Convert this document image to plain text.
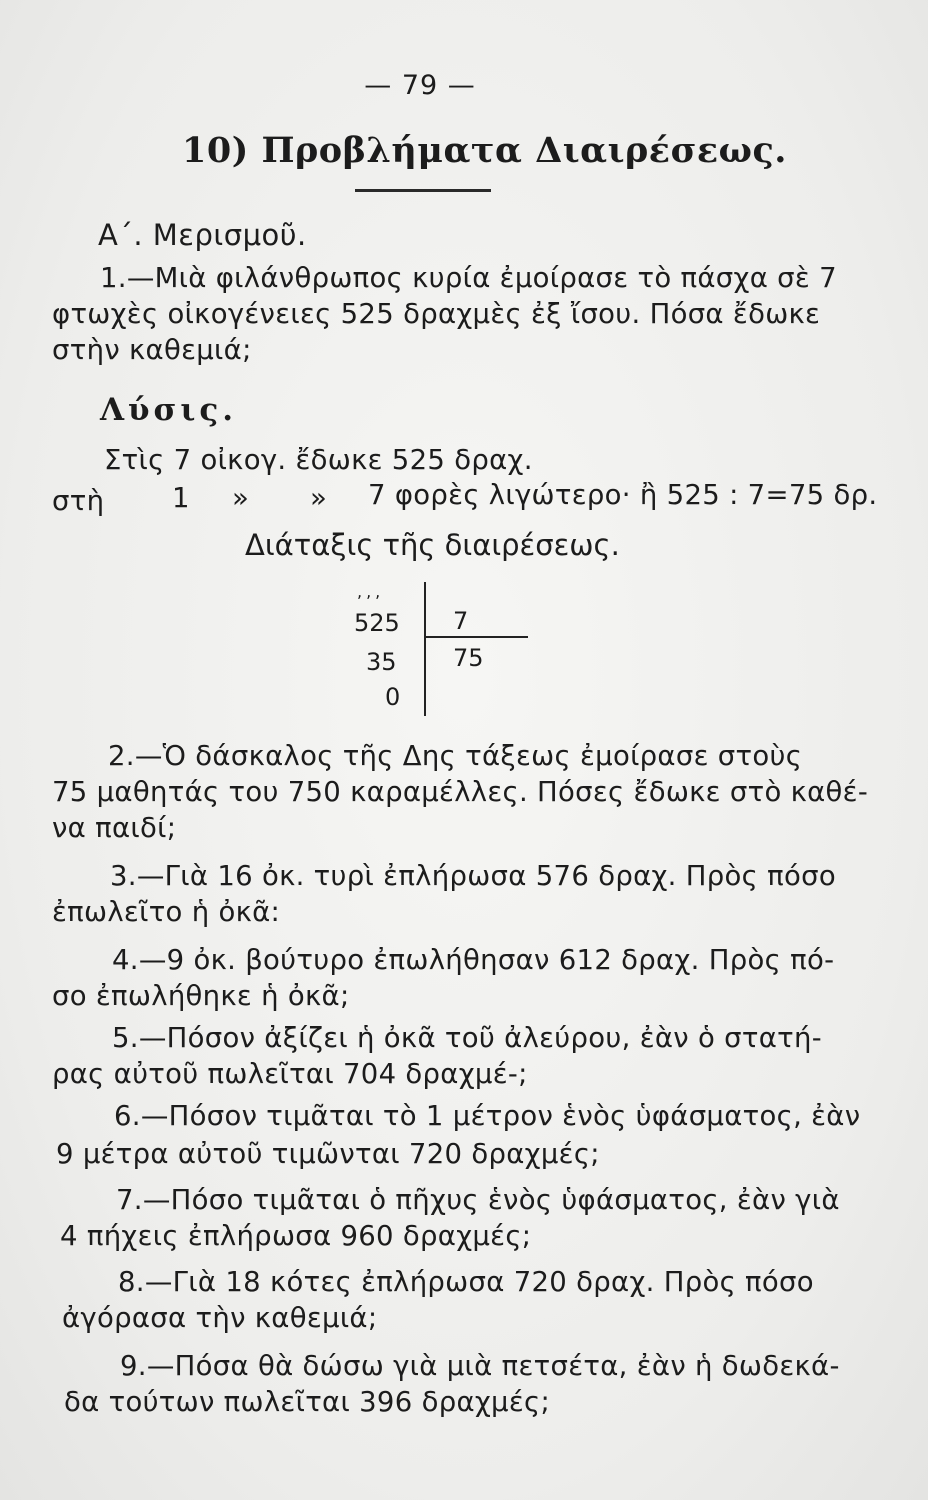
— 79 —
10) Προβλήματα Διαιρέσεως.
Α΄. Μερισμοῦ.
1.—Μιὰ φιλάνθρωπος κυρία ἐμοίρασε τὸ πάσχα σὲ 7
φτωχὲς οἰκογένειες 525 δραχμὲς ἐξ ἴσου. Πόσα ἔδωκε
στὴν καθεμιά;
Λύσις.
Στὶς 7 οἰκογ. ἔδωκε 525 δραχ.
στὴ 1 » » 7 φορὲς λιγώτερο· ἢ 525 : 7=75 δρ.
Διάταξις τῆς διαιρέσεως.
,,,
525 7
35 75
0
2.—Ὁ δάσκαλος τῆς Δης τάξεως ἐμοίρασε στοὺς
75 μαθητάς του 750 καραμέλλες. Πόσες ἔδωκε στὸ καθέ-
να παιδί;
3.—Γιὰ 16 ὀκ. τυρὶ ἐπλήρωσα 576 δραχ. Πρὸς πόσο
ἐπωλεῖτο ἡ ὀκᾶ:
4.—9 ὀκ. βούτυρο ἐπωλήθησαν 612 δραχ. Πρὸς πό-
σο ἐπωλήθηκε ἡ ὀκᾶ;
5.—Πόσον ἀξίζει ἡ ὀκᾶ τοῦ ἀλεύρου, ἐὰν ὁ στατή-
ρας αὐτοῦ πωλεῖται 704 δραχμέ-;
6.—Πόσον τιμᾶται τὸ 1 μέτρον ἑνὸς ὑφάσματος, ἐὰν
9 μέτρα αὐτοῦ τιμῶνται 720 δραχμές;
7.—Πόσο τιμᾶται ὁ πῆχυς ἑνὸς ὑφάσματος, ἐὰν γιὰ
4 πήχεις ἐπλήρωσα 960 δραχμές;
8.—Γιὰ 18 κότες ἐπλήρωσα 720 δραχ. Πρὸς πόσο
ἀγόρασα τὴν καθεμιά;
9.—Πόσα θὰ δώσω γιὰ μιὰ πετσέτα, ἐὰν ἡ δωδεκά-
δα τούτων πωλεῖται 396 δραχμές;
